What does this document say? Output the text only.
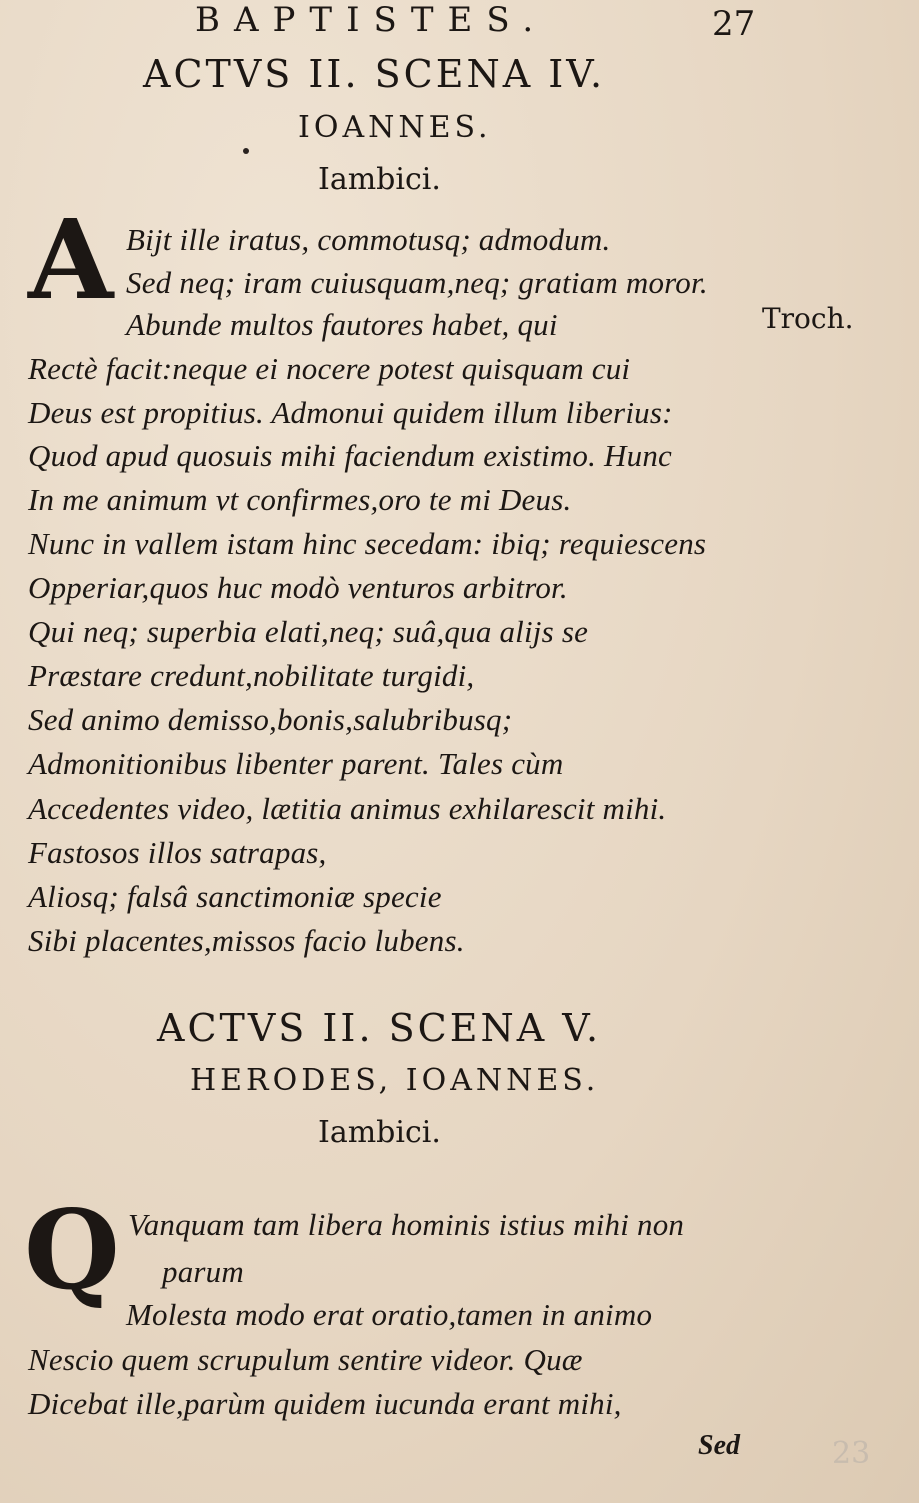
BAPTISTES.	27
ACTVS II. SCENA IV.
IOANNES.
Iambici.
A Bijt ille iratus, commotusq; admodum.
Sed neq; iram cuiusquam,neq; gratiam moror.
Abunde multos fautores habet, qui	Troch.
Rectè facit:neque ei nocere potest quisquam cui
Deus est propitius. Admonui quidem illum liberius:
Quod apud quosuis mihi faciendum existimo. Hunc
In me animum vt confirmes,oro te mi Deus.
Nunc in vallem istam hinc secedam: ibiq; requiescens
Opperiar,quos huc modò venturos arbitror.
Qui neq; superbia elati,neq; suâ,qua alijs se
Præstare credunt,nobilitate turgidi,
Sed animo demisso,bonis,salubribusq;
Admonitionibus libenter parent. Tales cùm
Accedentes video, lætitia animus exhilarescit mihi.
Fastosos illos satrapas,
Aliosq; falsâ sanctimoniæ specie
Sibi placentes,missos facio lubens.
ACTVS II. SCENA V.
HERODES, IOANNES.
Iambici.
Q Vanquam tam libera hominis istius mihi non
parum
Molesta modo erat oratio,tamen in animo
Nescio quem scrupulum sentire videor. Quæ
Dicebat ille,parùm quidem iucunda erant mihi,
Sed	23
